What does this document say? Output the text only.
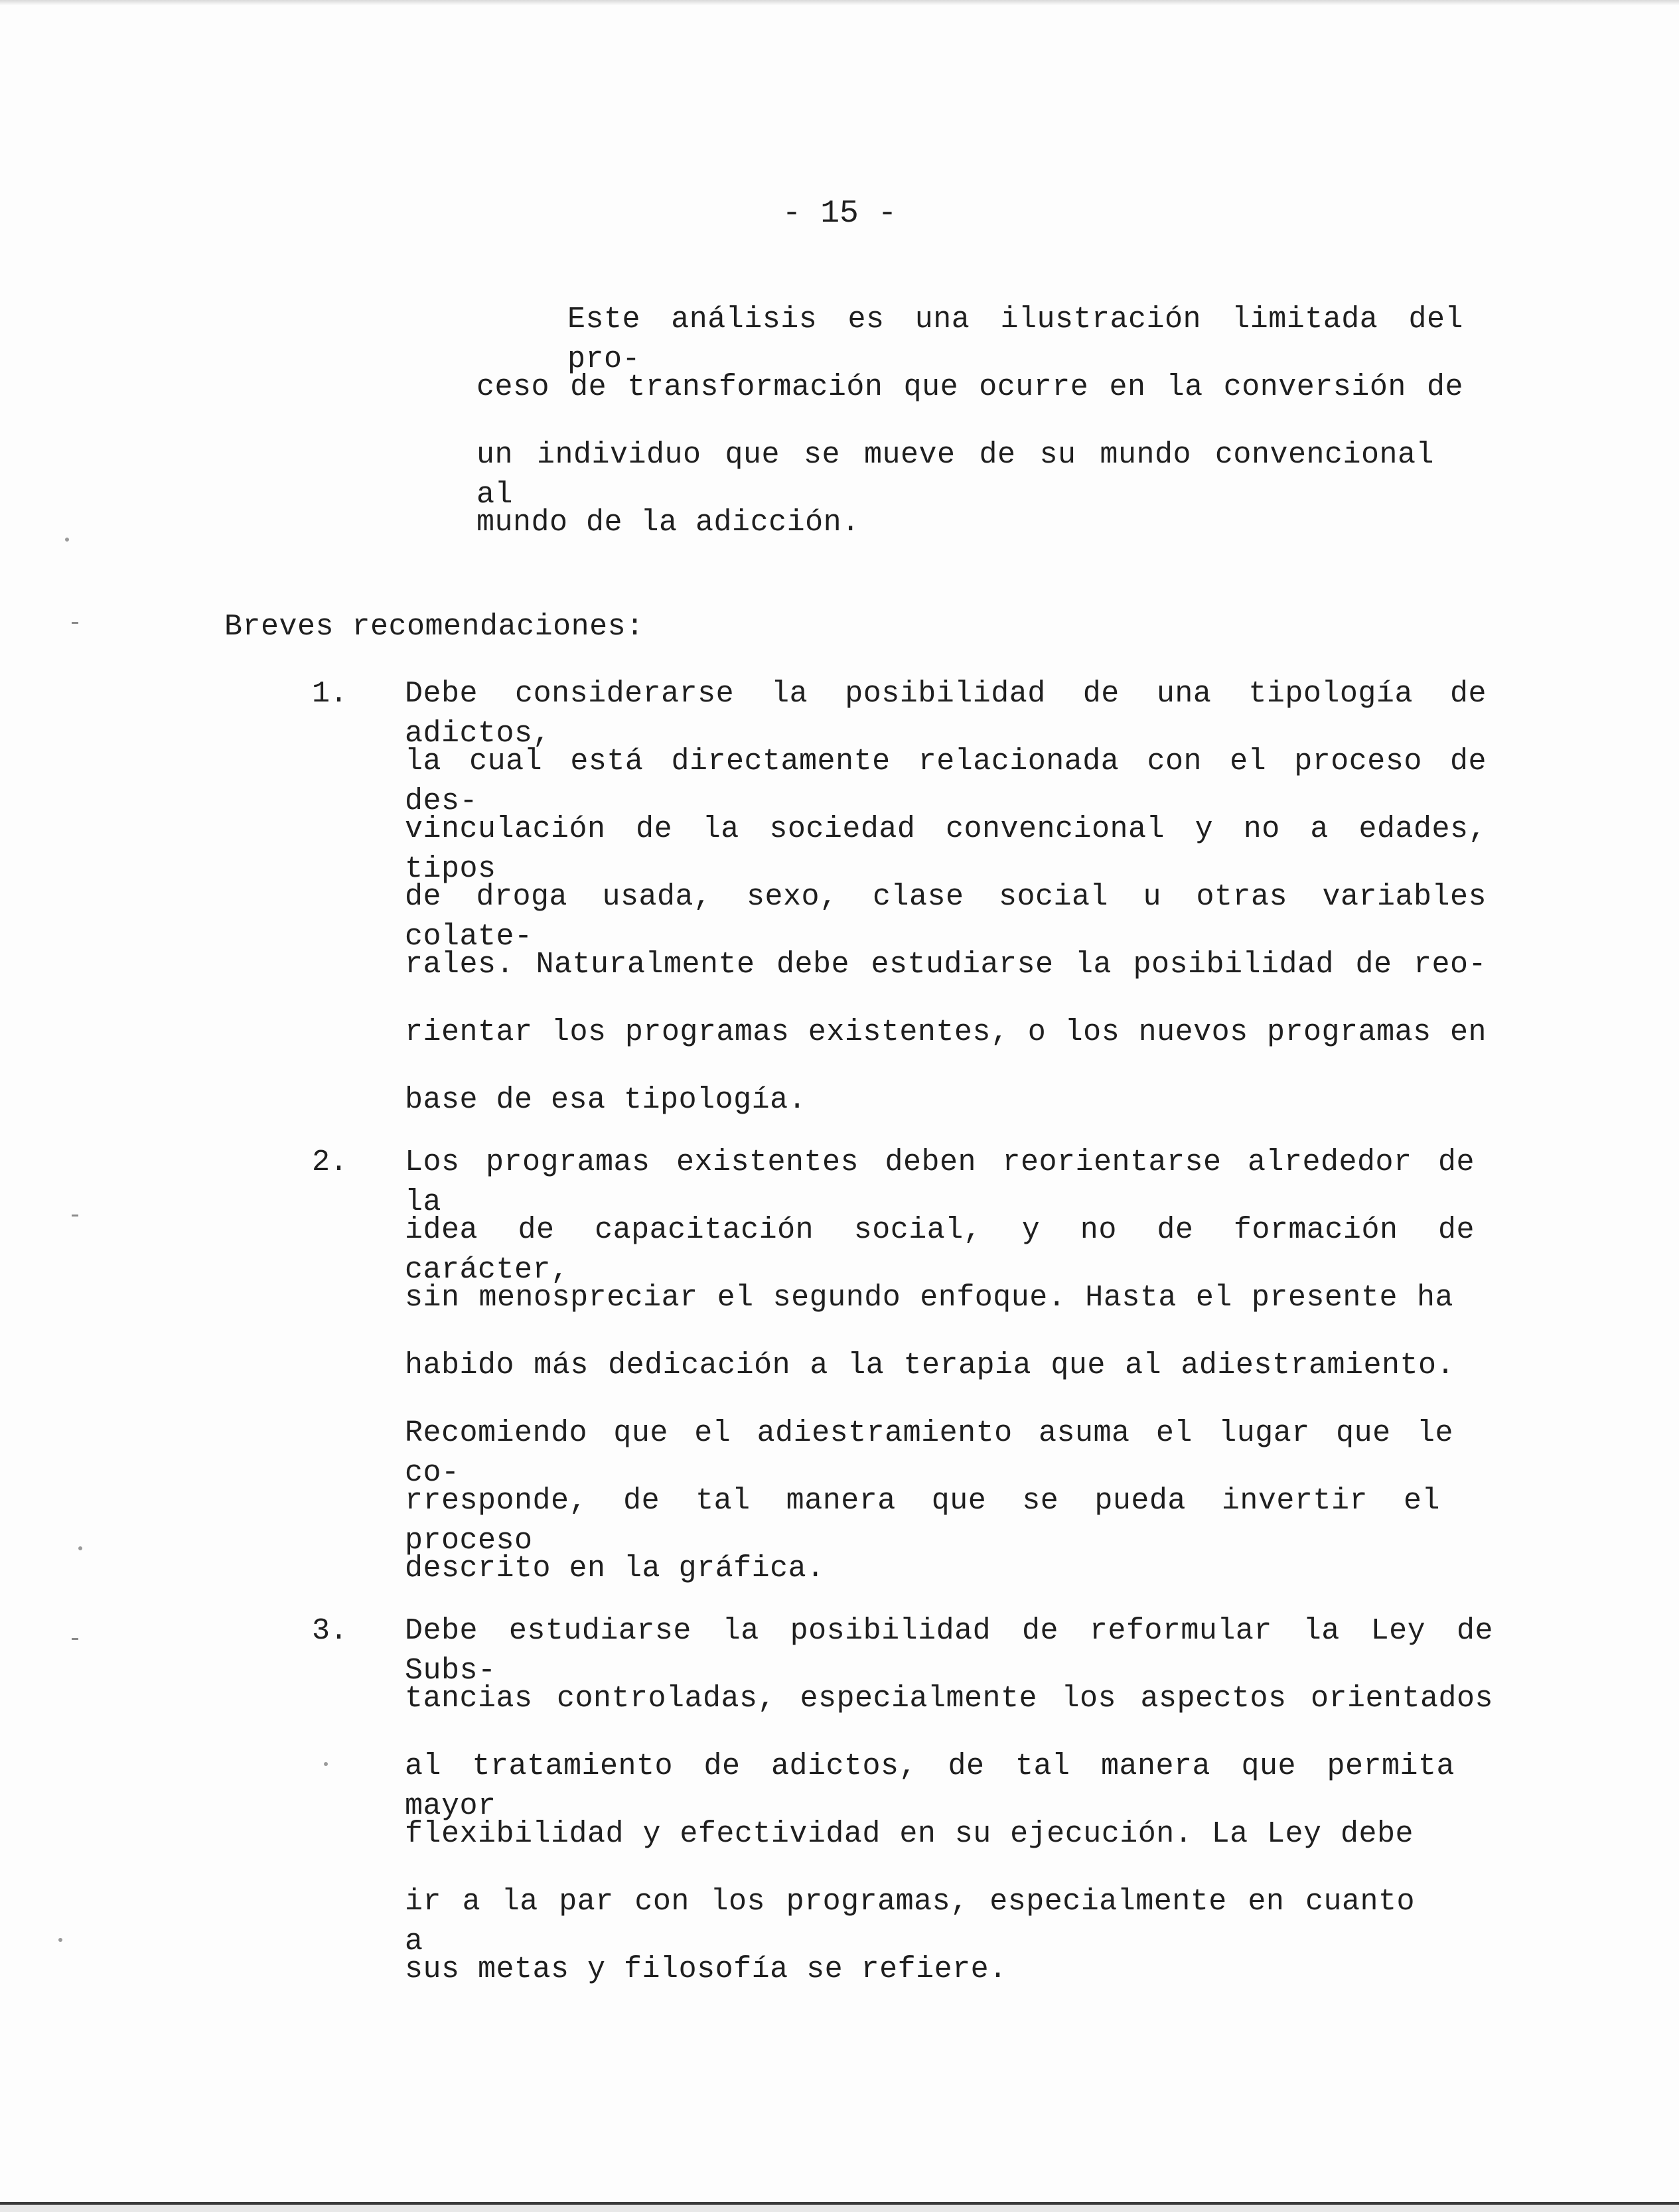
- 15 -
Este análisis es una ilustración limitada del pro-
ceso de transformación que ocurre en la conversión de
un individuo que se mueve de su mundo convencional al
mundo de la adicción.
Breves recomendaciones:
1. Debe considerarse la posibilidad de una tipología de adictos,
la cual está directamente relacionada con el proceso de des-
vinculación de la sociedad convencional y no a edades, tipos
de droga usada, sexo, clase social u otras variables colate-
rales. Naturalmente debe estudiarse la posibilidad de reo-
rientar los programas existentes, o los nuevos programas en
base de esa tipología.
2. Los programas existentes deben reorientarse alrededor de la
idea de capacitación social, y no de formación de carácter,
sin menospreciar el segundo enfoque. Hasta el presente ha
habido más dedicación a la terapia que al adiestramiento.
Recomiendo que el adiestramiento asuma el lugar que le co-
rresponde, de tal manera que se pueda invertir el proceso
descrito en la gráfica.
3. Debe estudiarse la posibilidad de reformular la Ley de Subs-
tancias controladas, especialmente los aspectos orientados
al tratamiento de adictos, de tal manera que permita mayor
flexibilidad y efectividad en su ejecución. La Ley debe
ir a la par con los programas, especialmente en cuanto a
sus metas y filosofía se refiere.
